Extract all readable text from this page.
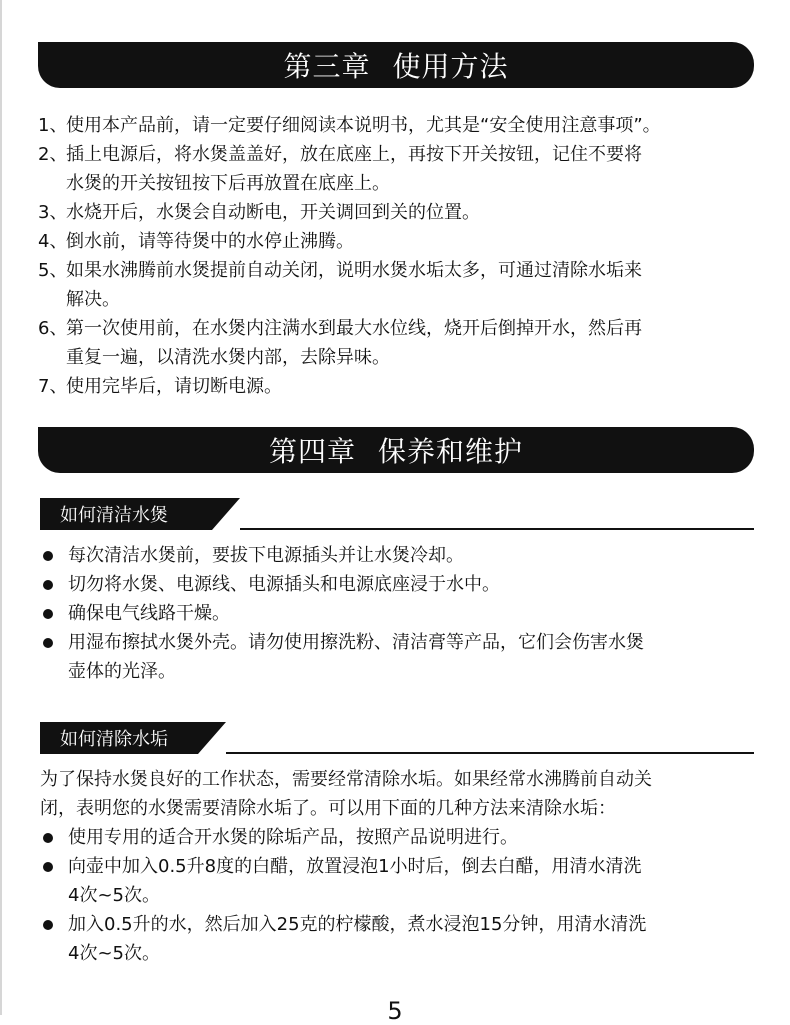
第三章 使用方法
1、使用本产品前，请一定要仔细阅读本说明书，尤其是“安全使用注意事项”。
2、插上电源后，将水煲盖盖好，放在底座上，再按下开关按钮，记住不要将
水煲的开关按钮按下后再放置在底座上。
3、水烧开后，水煲会自动断电，开关调回到关的位置。
4、倒水前，请等待煲中的水停止沸腾。
5、如果水沸腾前水煲提前自动关闭，说明水煲水垢太多，可通过清除水垢来
解决。
6、第一次使用前，在水煲内注满水到最大水位线，烧开后倒掉开水，然后再
重复一遍，以清洗水煲内部，去除异味。
7、使用完毕后，请切断电源。
第四章 保养和维护
如何清洁水煲
每次清洁水煲前，要拔下电源插头并让水煲冷却。
切勿将水煲、电源线、电源插头和电源底座浸于水中。
确保电气线路干燥。
用湿布擦拭水煲外壳。请勿使用擦洗粉、清洁膏等产品，它们会伤害水煲
壶体的光泽。
如何清除水垢

为了保持水煲良好的工作状态，需要经常清除水垢。如果经常水沸腾前自动关
闭，表明您的水煲需要清除水垢了。可以用下面的几种方法来清除水垢：

使用专用的适合开水煲的除垢产品，按照产品说明进行。
向壶中加入0.5升8度的白醋，放置浸泡1小时后，倒去白醋，用清水清洗
4次~5次。
加入0.5升的水，然后加入25克的柠檬酸，煮水浸泡15分钟，用清水清洗
4次~5次。
5
